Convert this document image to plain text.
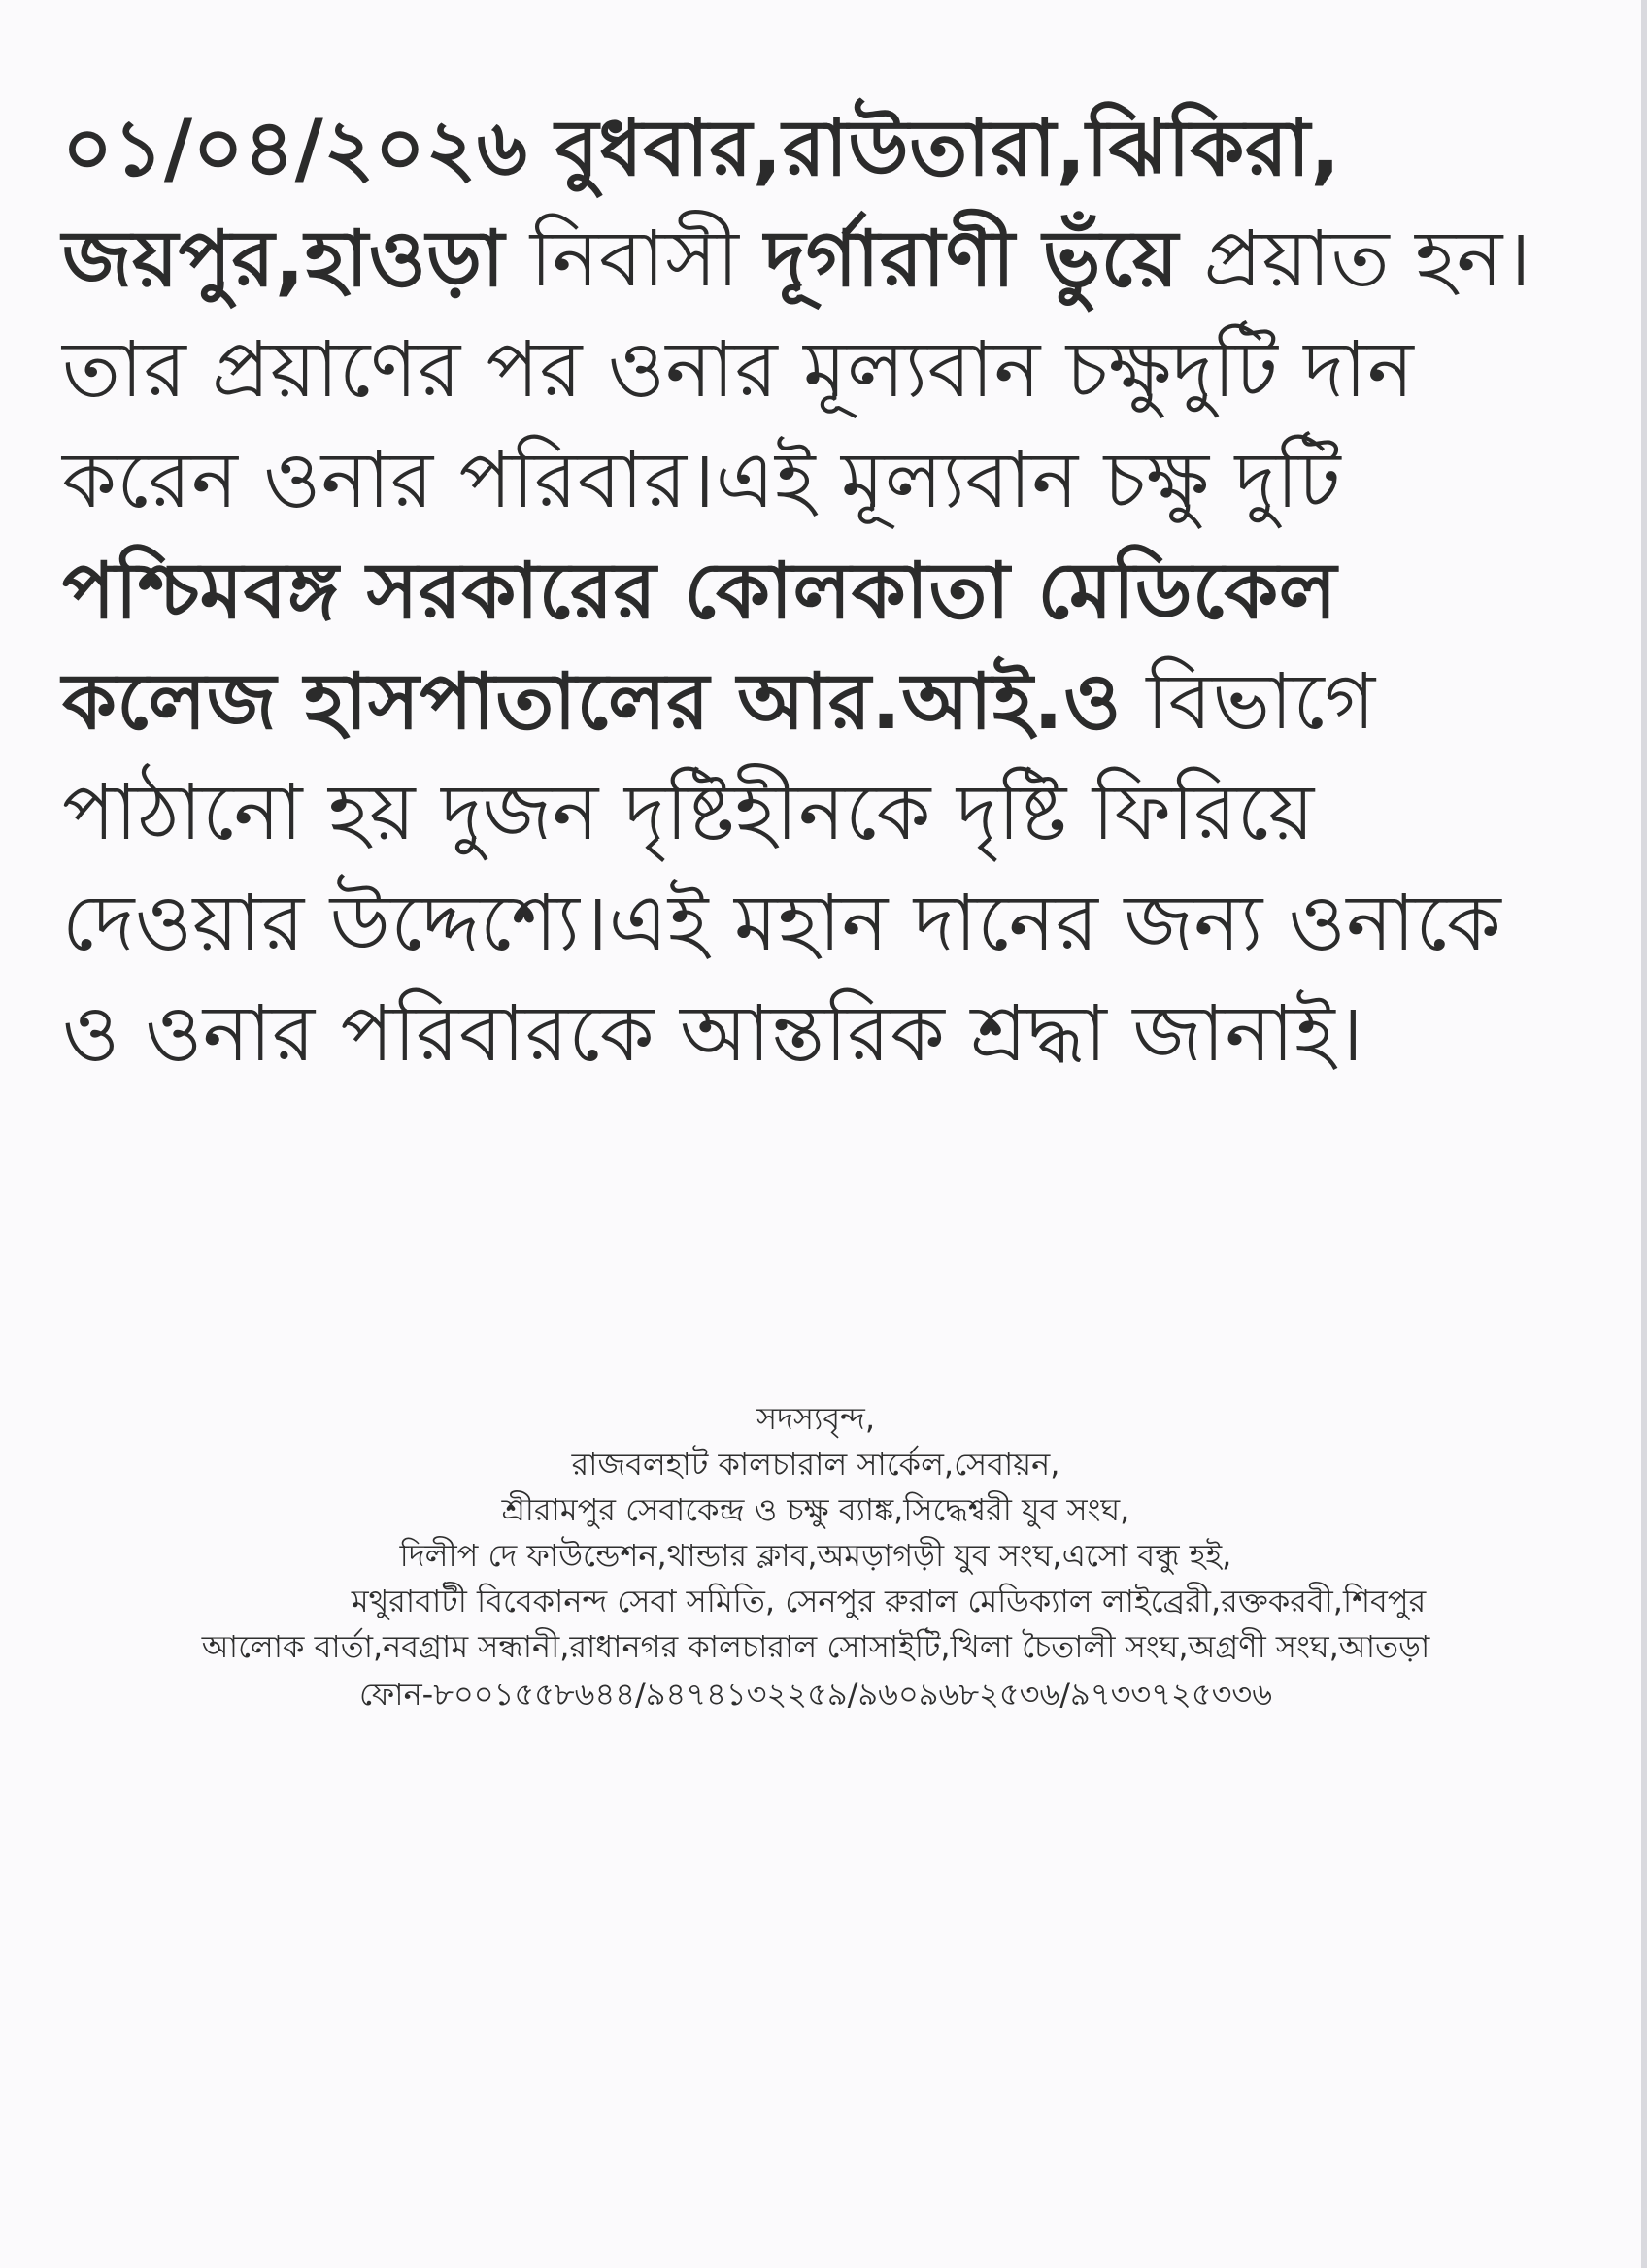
০১/০৪/২০২৬ বুধবার,রাউতারা,ঝিকিরা, জয়পুর,হাওড়া নিবাসী দূর্গারাণী ভুঁয়ে প্রয়াত হন।তার প্রয়াণের পর ওনার মূল্যবান চক্ষুদুটি দান করেন ওনার পরিবার।এই মূল্যবান চক্ষু দুটি পশ্চিমবঙ্গ সরকারের কোলকাতা মেডিকেল কলেজ হাসপাতালের আর.আই.ও বিভাগে পাঠানো হয় দুজন দৃষ্টিহীনকে দৃষ্টি ফিরিয়ে দেওয়ার উদ্দেশ্যে।এই মহান দানের জন্য ওনাকে ও ওনার পরিবারকে আন্তরিক শ্রদ্ধা জানাই।

সদস্যবৃন্দ,
রাজবলহাট কালচারাল সার্কেল,সেবায়ন,
শ্রীরামপুর সেবাকেন্দ্র ও চক্ষু ব্যাঙ্ক,সিদ্ধেশ্বরী যুব সংঘ,
দিলীপ দে ফাউন্ডেশন,থান্ডার ক্লাব,অমড়াগড়ী যুব সংঘ,এসো বন্ধু হই,
মথুরাবাটী বিবেকানন্দ সেবা সমিতি, সেনপুর রুরাল মেডিক্যাল লাইব্রেরী,রক্তকরবী,শিবপুর
আলোক বার্তা,নবগ্রাম সন্ধানী,রাধানগর কালচারাল সোসাইটি,খিলা চৈতালী সংঘ,অগ্রণী সংঘ,আতড়া
ফোন-৮০০১৫৫৮৬৪৪/৯৪৭৪১৩২২৫৯/৯৬০৯৬৮২৫৩৬/৯৭৩৩৭২৫৩৩৬
